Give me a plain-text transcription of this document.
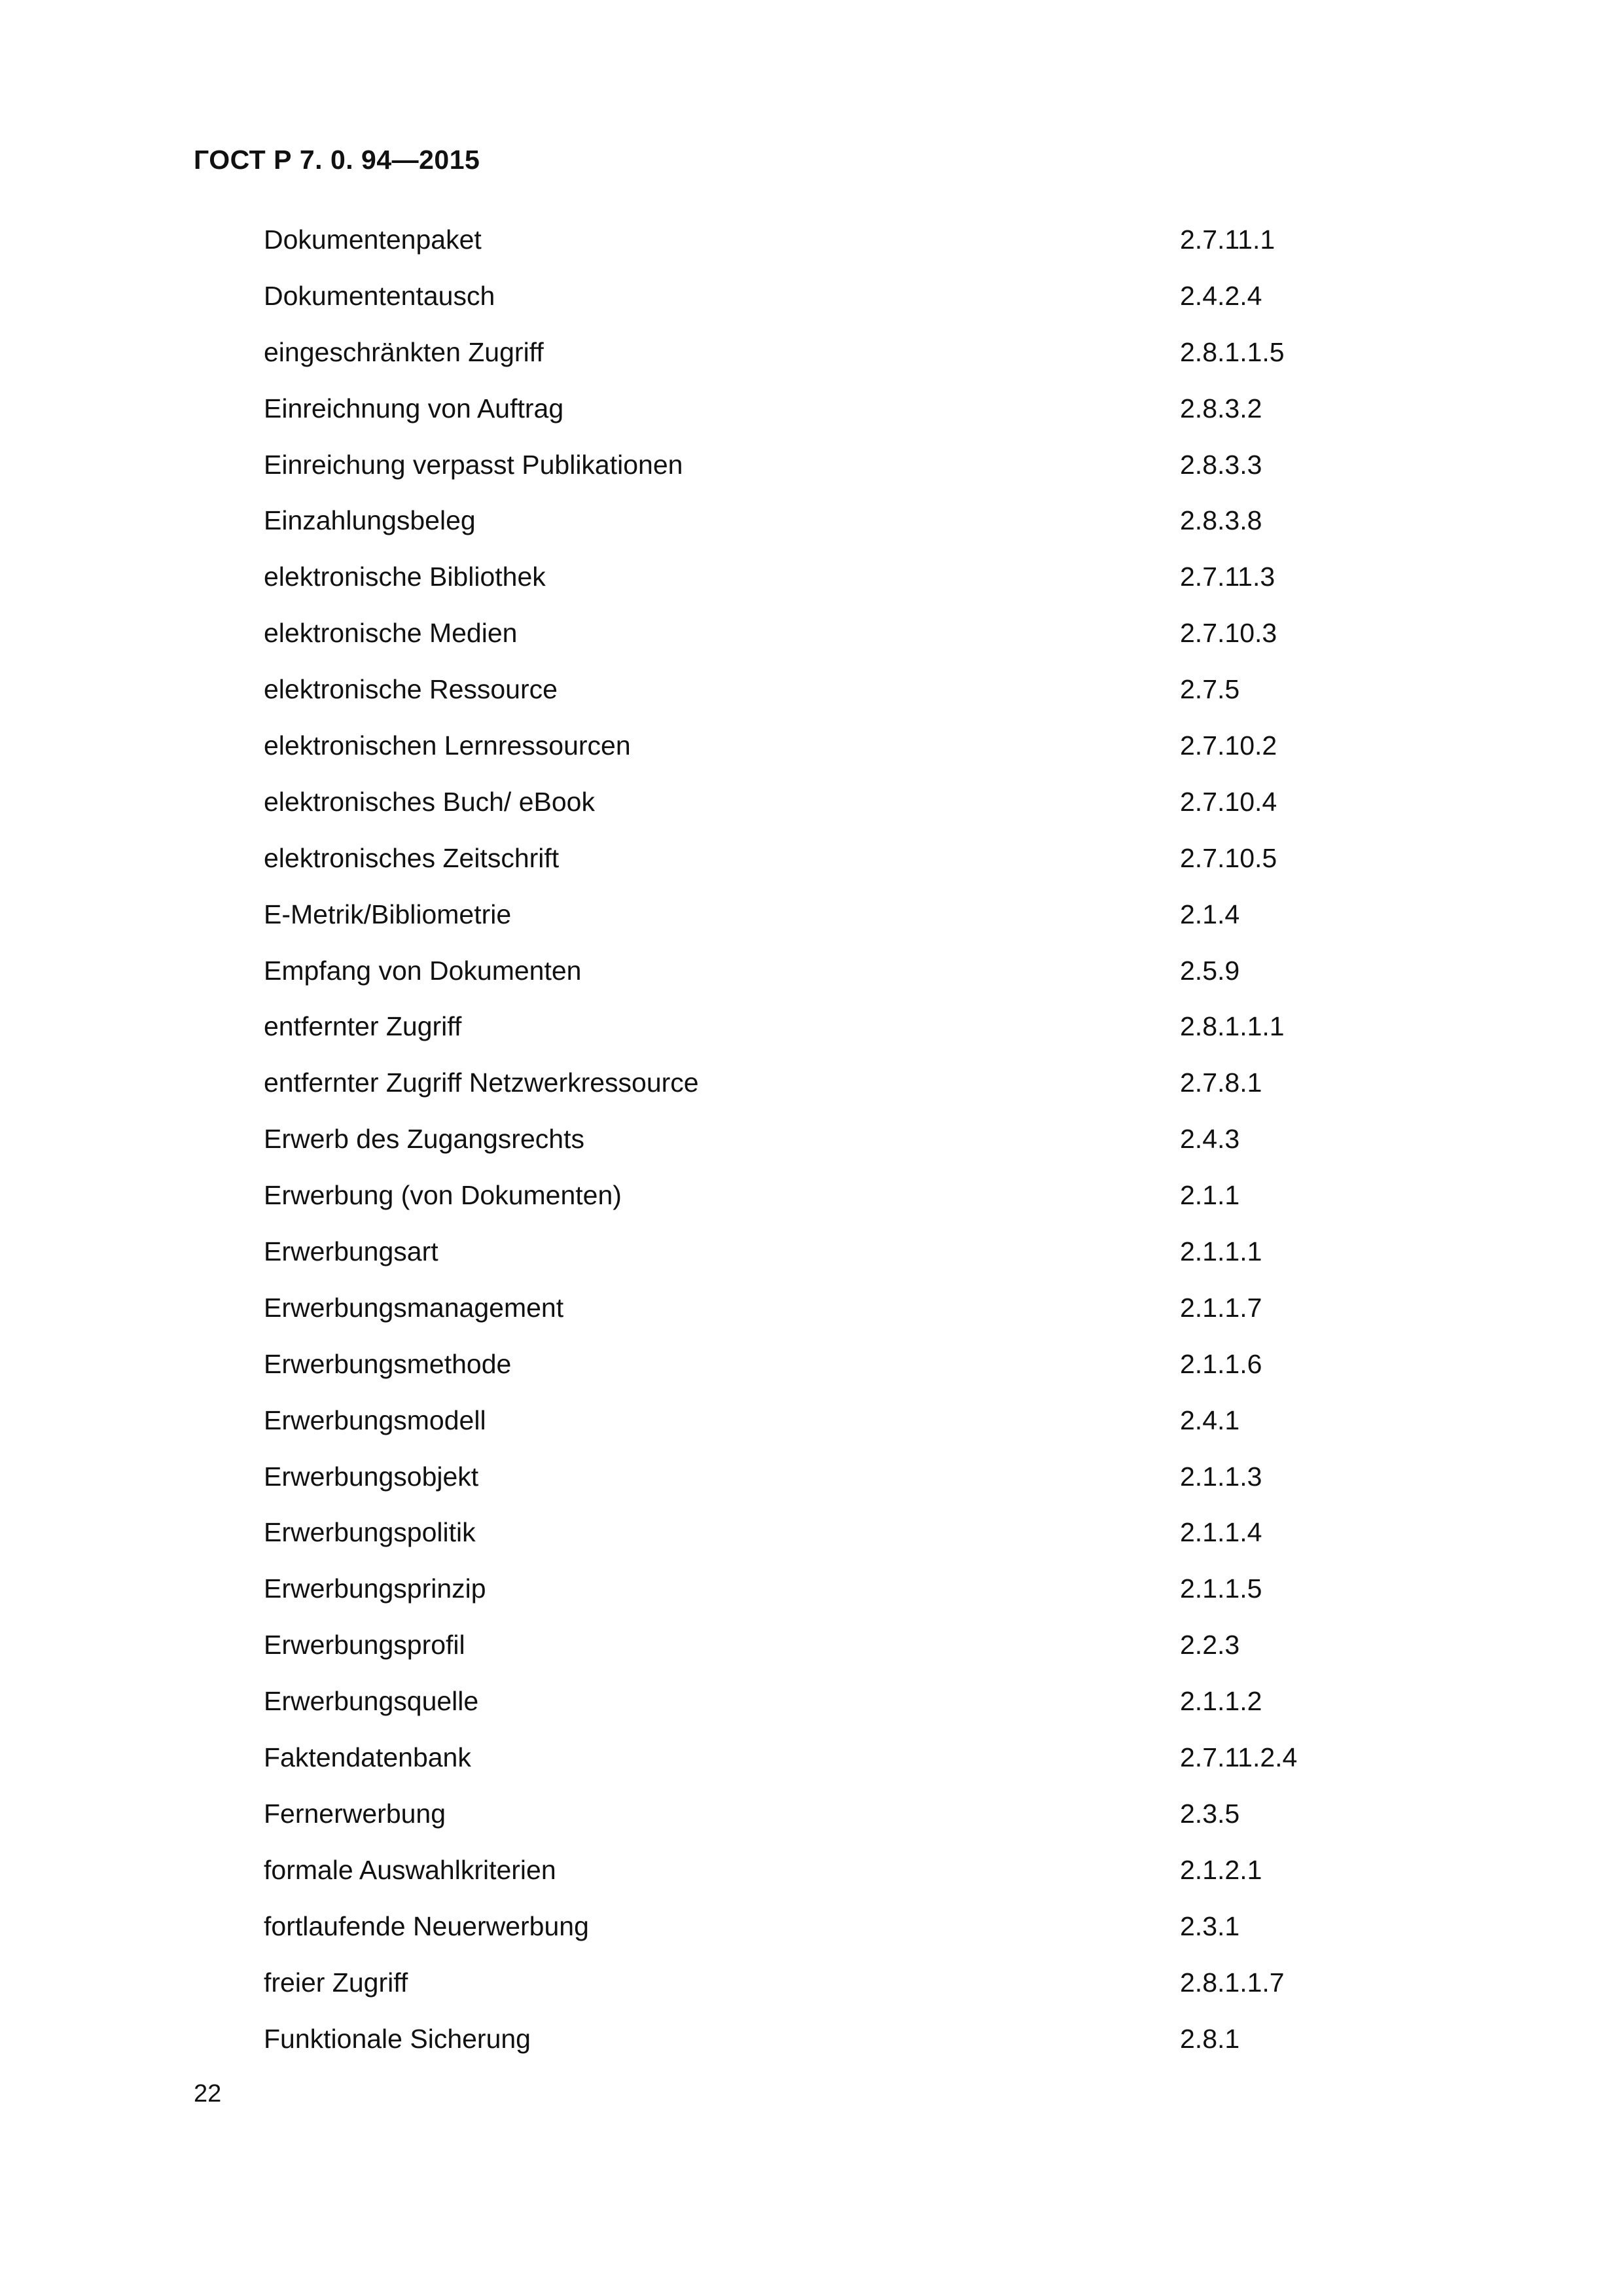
ГОСТ Р 7. 0. 94—2015
Dokumentenpaket	2.7.11.1
Dokumententausch	2.4.2.4
eingeschränkten Zugriff	2.8.1.1.5
Einreichnung von Auftrag	2.8.3.2
Einreichung verpasst Publikationen	2.8.3.3
Einzahlungsbeleg	2.8.3.8
elektronische Bibliothek	2.7.11.3
elektronische Medien	2.7.10.3
elektronische Ressource	2.7.5
elektronischen Lernressourcen	2.7.10.2
elektronisches Buch/ eBook	2.7.10.4
elektronisches Zeitschrift	2.7.10.5
E-Metrik/Bibliometrie	2.1.4
Empfang von Dokumenten	2.5.9
entfernter Zugriff	2.8.1.1.1
entfernter Zugriff Netzwerkressource	2.7.8.1
Erwerb des Zugangsrechts	2.4.3
Erwerbung (von Dokumenten)	2.1.1
Erwerbungsart	2.1.1.1
Erwerbungsmanagement	2.1.1.7
Erwerbungsmethode	2.1.1.6
Erwerbungsmodell	2.4.1
Erwerbungsobjekt	2.1.1.3
Erwerbungspolitik	2.1.1.4
Erwerbungsprinzip	2.1.1.5
Erwerbungsprofil	2.2.3
Erwerbungsquelle	2.1.1.2
Faktendatenbank	2.7.11.2.4
Fernerwerbung	2.3.5
formale Auswahlkriterien	2.1.2.1
fortlaufende Neuerwerbung	2.3.1
freier Zugriff	2.8.1.1.7
Funktionale Sicherung	2.8.1
22
